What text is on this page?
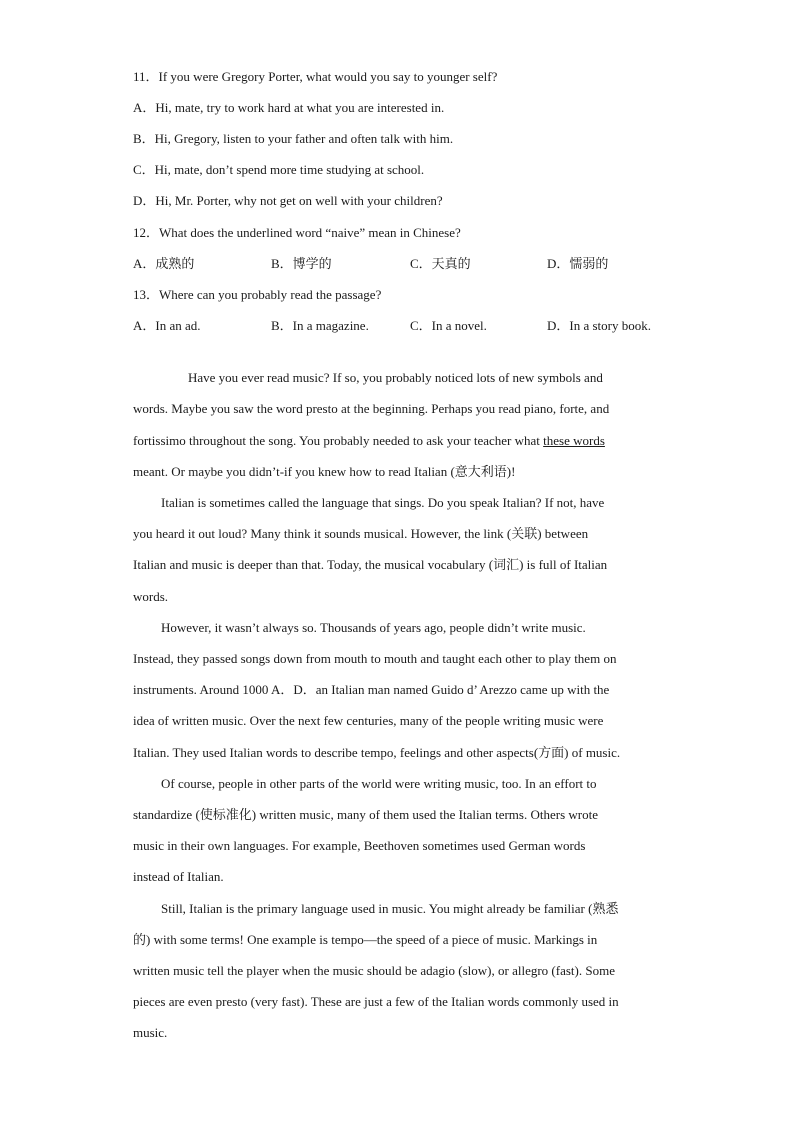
11．If you were Gregory Porter, what would you say to younger self?
A．Hi, mate, try to work hard at what you are interested in.
B．Hi, Gregory, listen to your father and often talk with him.
C．Hi, mate, don’t spend more time studying at school.
D．Hi, Mr. Porter, why not get on well with your children?
12．What does the underlined word “naive” mean in Chinese?
A．成熟的	B．博学的	C．天真的	D．懦弱的
13．Where can you probably read the passage?
A．In an ad.	B．In a magazine.	C．In a novel.	D．In a story book.
Have you ever read music? If so, you probably noticed lots of new symbols and
words. Maybe you saw the word presto at the beginning. Perhaps you read piano, forte, and
fortissimo throughout the song. You probably needed to ask your teacher what these words
meant. Or maybe you didn’t-if you knew how to read Italian (意大利语)!
Italian is sometimes called the language that sings. Do you speak Italian? If not, have
you heard it out loud? Many think it sounds musical. However, the link (关联) between
Italian and music is deeper than that. Today, the musical vocabulary (词汇) is full of Italian
words.
However, it wasn’t always so. Thousands of years ago, people didn’t write music.
Instead, they passed songs down from mouth to mouth and taught each other to play them on
instruments. Around 1000 A．D．an Italian man named Guido d’ Arezzo came up with the
idea of written music. Over the next few centuries, many of the people writing music were
Italian. They used Italian words to describe tempo, feelings and other aspects(方面) of music.
Of course, people in other parts of the world were writing music, too. In an effort to
standardize (使标准化) written music, many of them used the Italian terms. Others wrote
music in their own languages. For example, Beethoven sometimes used German words
instead of Italian.
Still, Italian is the primary language used in music. You might already be familiar (熟悉
的) with some terms! One example is tempo—the speed of a piece of music. Markings in
written music tell the player when the music should be adagio (slow), or allegro (fast). Some
pieces are even presto (very fast). These are just a few of the Italian words commonly used in
music.
